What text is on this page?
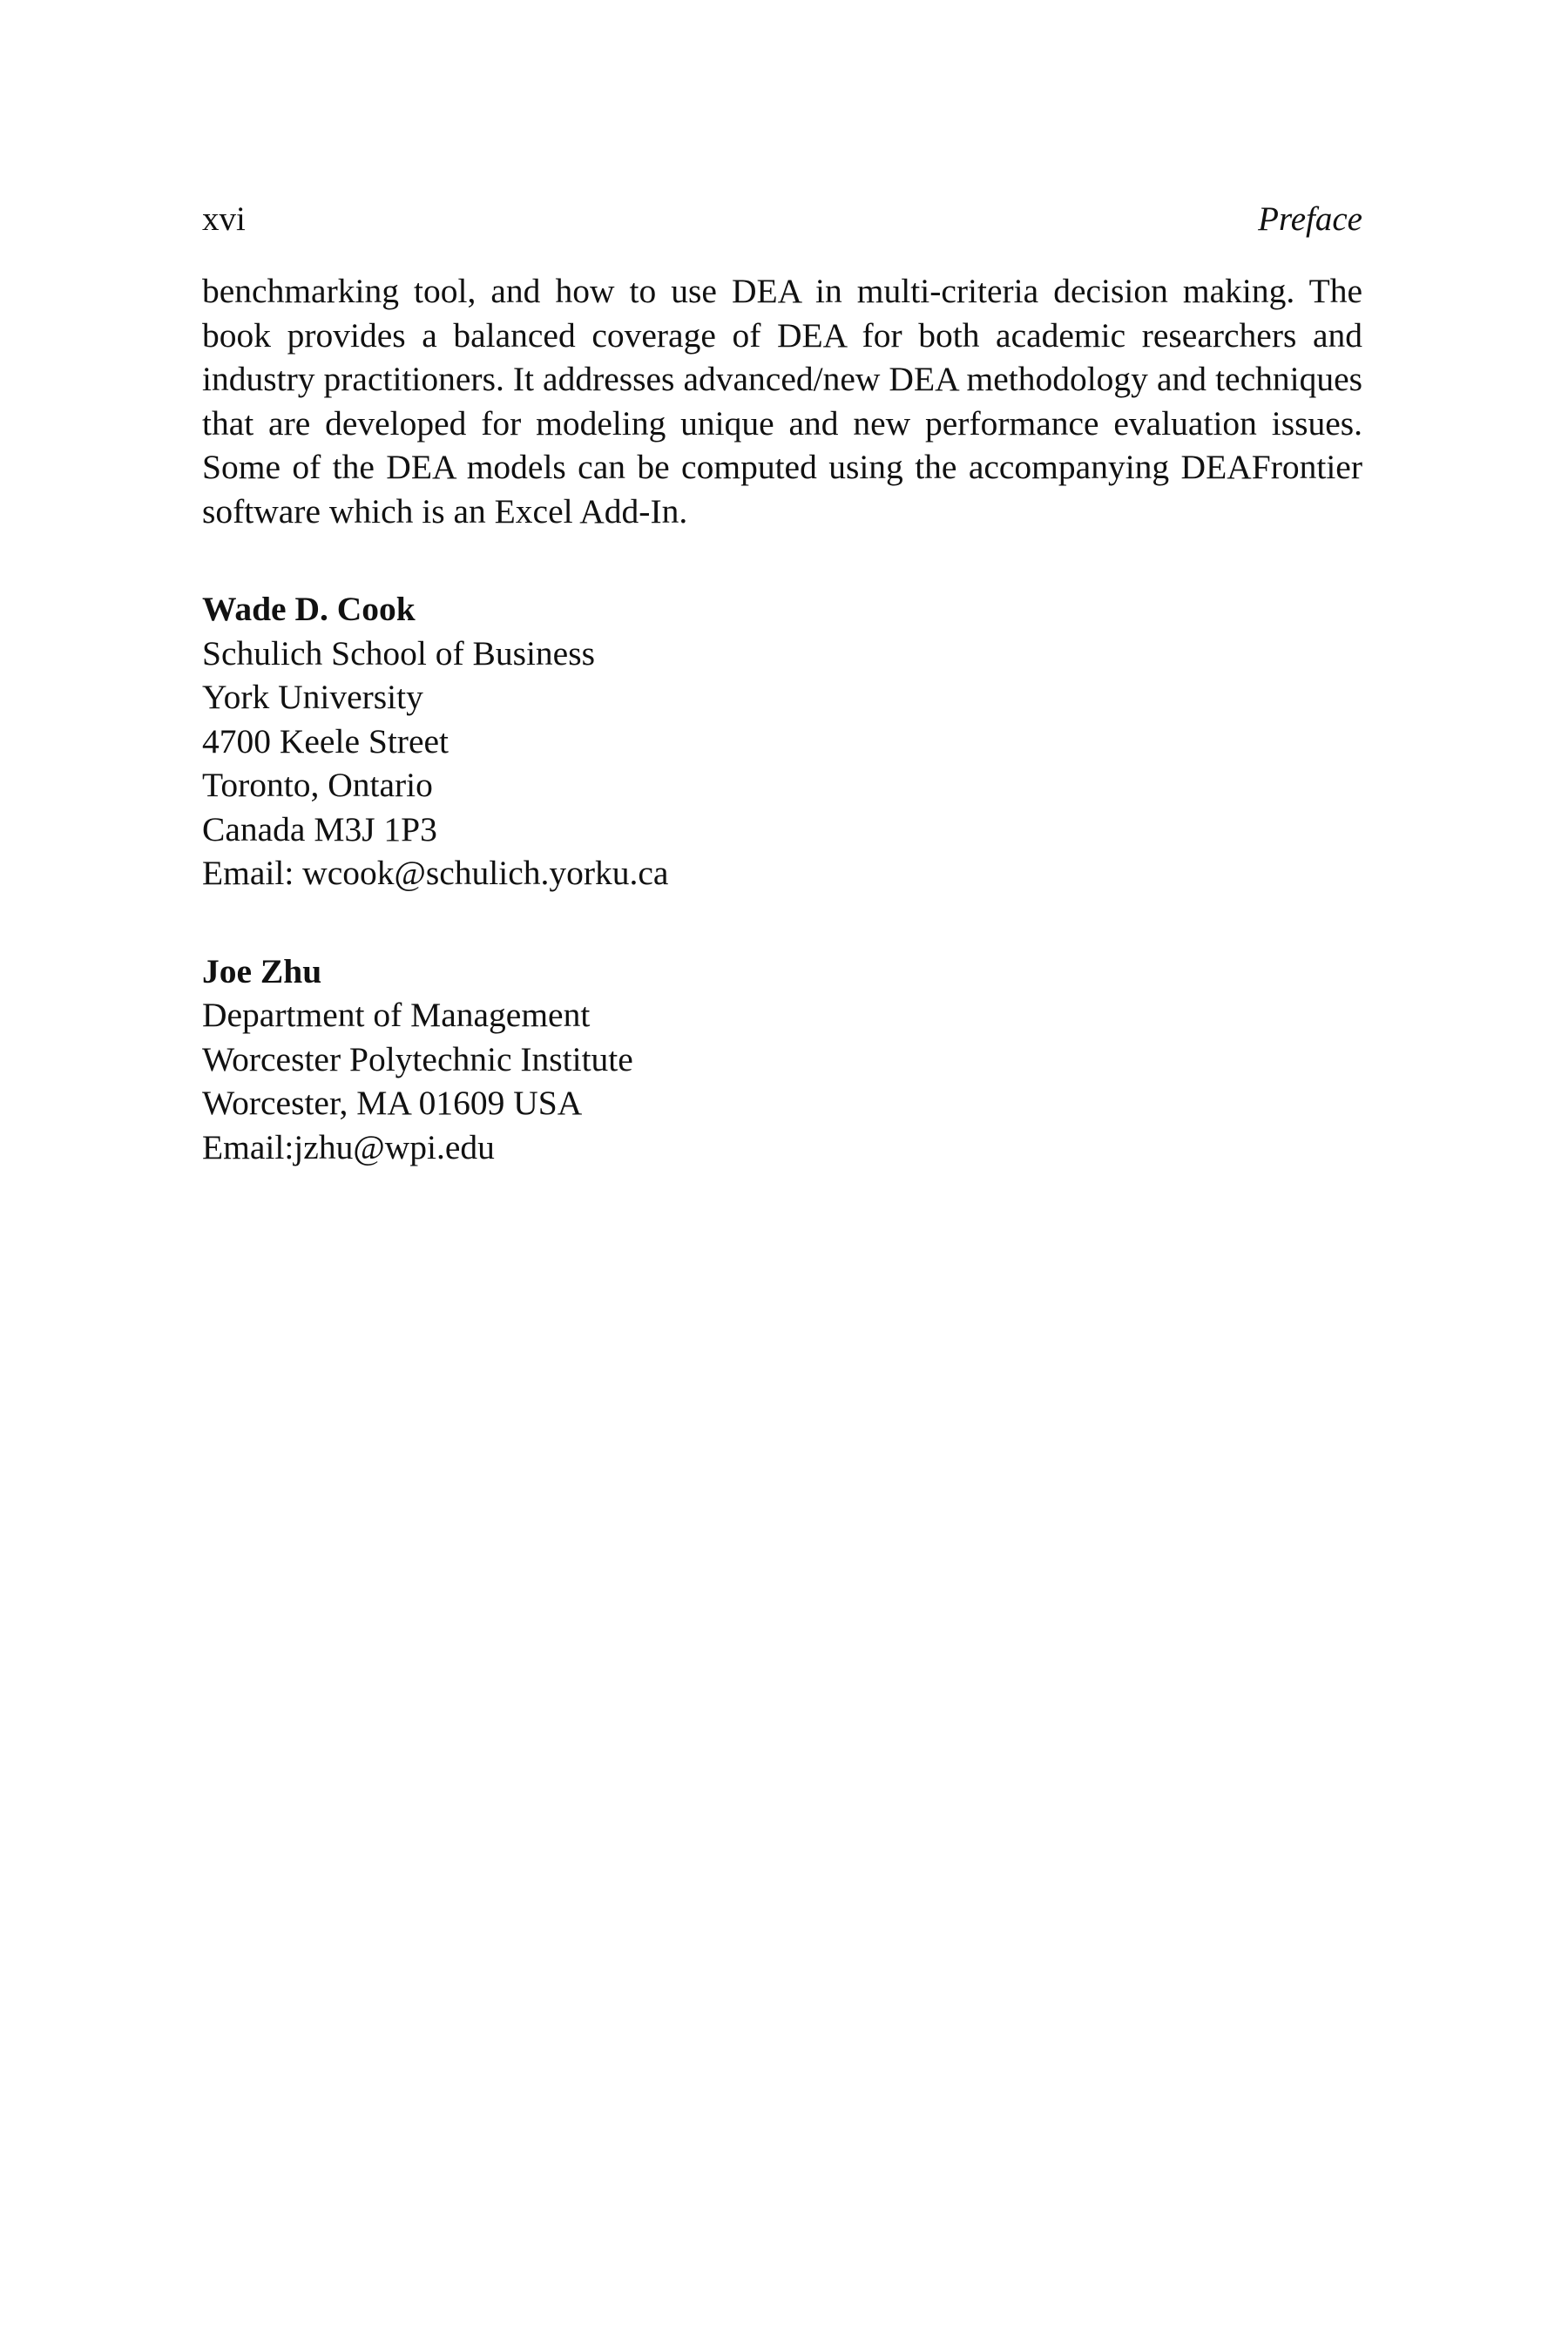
xvi	Preface

benchmarking tool, and how to use DEA in multi-criteria decision making. The book provides a balanced coverage of DEA for both academic researchers and industry practitioners. It addresses advanced/new DEA methodology and techniques that are developed for modeling unique and new performance evaluation issues. Some of the DEA models can be computed using the accompanying DEAFrontier software which is an Excel Add-In.

Wade D. Cook
Schulich School of Business
York University
4700 Keele Street
Toronto, Ontario
Canada M3J 1P3
Email: wcook@schulich.yorku.ca
Joe Zhu
Department of Management
Worcester Polytechnic Institute
Worcester, MA 01609 USA
Email:jzhu@wpi.edu
